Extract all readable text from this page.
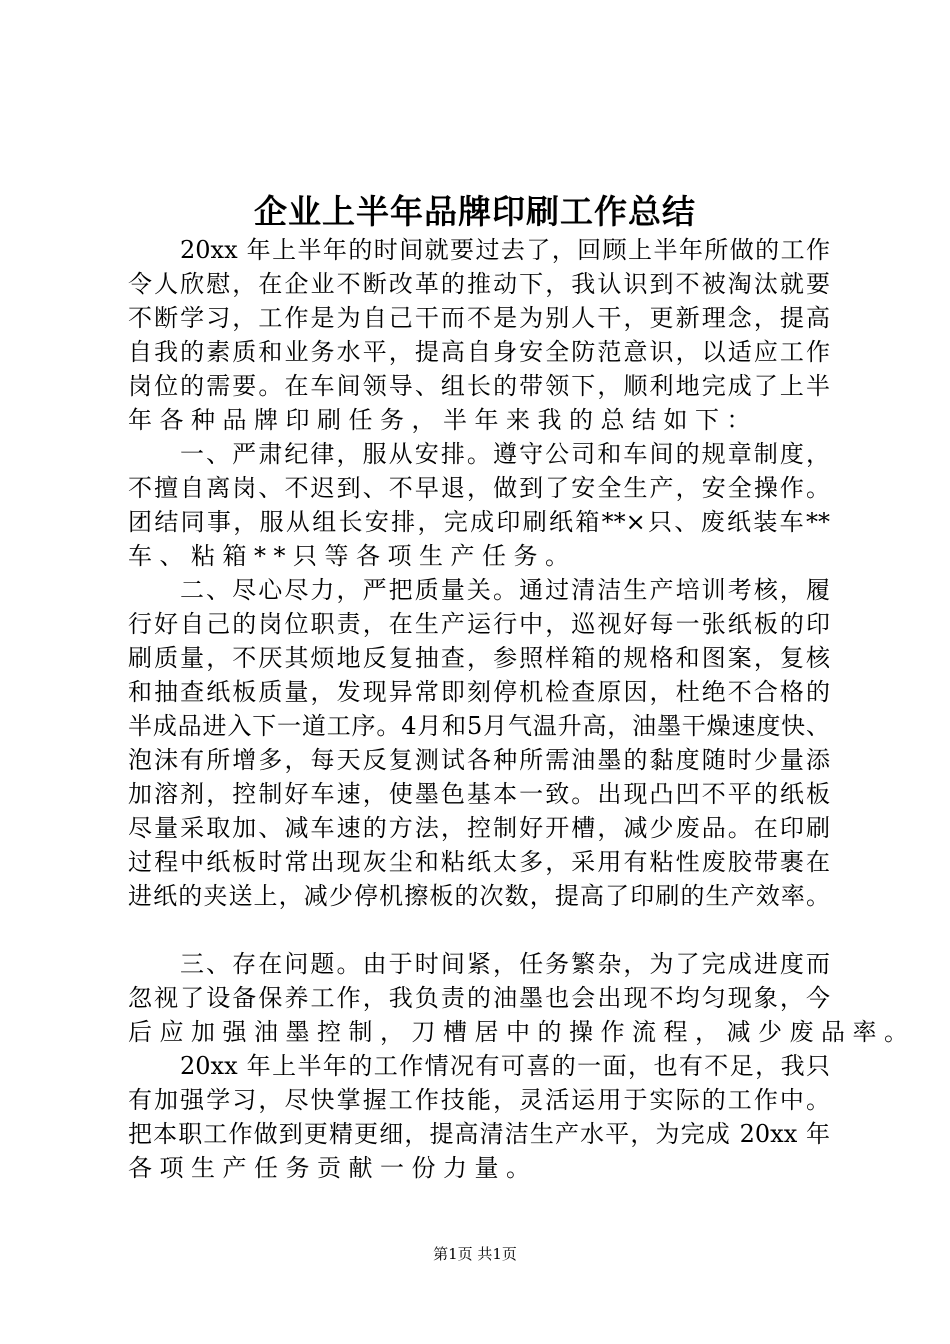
企业上半年品牌印刷工作总结
20xx 年上半年的时间就要过去了，回顾上半年所做的工作
令人欣慰，在企业不断改革的推动下，我认识到不被淘汰就要
不断学习，工作是为自己干而不是为别人干，更新理念，提高
自我的素质和业务水平，提高自身安全防范意识，以适应工作
岗位的需要。在车间领导、组长的带领下，顺利地完成了上半
年各种品牌印刷任务，半年来我的总结如下：
一、严肃纪律，服从安排。遵守公司和车间的规章制度，
不擅自离岗、不迟到、不早退，做到了安全生产，安全操作。
团结同事，服从组长安排，完成印刷纸箱**×只、废纸装车**
车、粘箱**只等各项生产任务。
二、尽心尽力，严把质量关。通过清洁生产培训考核，履
行好自己的岗位职责，在生产运行中，巡视好每一张纸板的印
刷质量，不厌其烦地反复抽查，参照样箱的规格和图案，复核
和抽查纸板质量，发现异常即刻停机检查原因，杜绝不合格的
半成品进入下一道工序。4月和5月气温升高，油墨干燥速度快、
泡沫有所增多，每天反复测试各种所需油墨的黏度随时少量添
加溶剂，控制好车速，使墨色基本一致。出现凸凹不平的纸板
尽量采取加、减车速的方法，控制好开槽，减少废品。在印刷
过程中纸板时常出现灰尘和粘纸太多，采用有粘性废胶带裹在
进纸的夹送上，减少停机擦板的次数，提高了印刷的生产效率。
三、存在问题。由于时间紧，任务繁杂，为了完成进度而
忽视了设备保养工作，我负责的油墨也会出现不均匀现象，今
后应加强油墨控制，刀槽居中的操作流程，减少废品率。
20xx 年上半年的工作情况有可喜的一面，也有不足，我只
有加强学习，尽快掌握工作技能，灵活运用于实际的工作中。
把本职工作做到更精更细，提高清洁生产水平，为完成 20xx 年
各项生产任务贡献一份力量。
第1页 共1页
